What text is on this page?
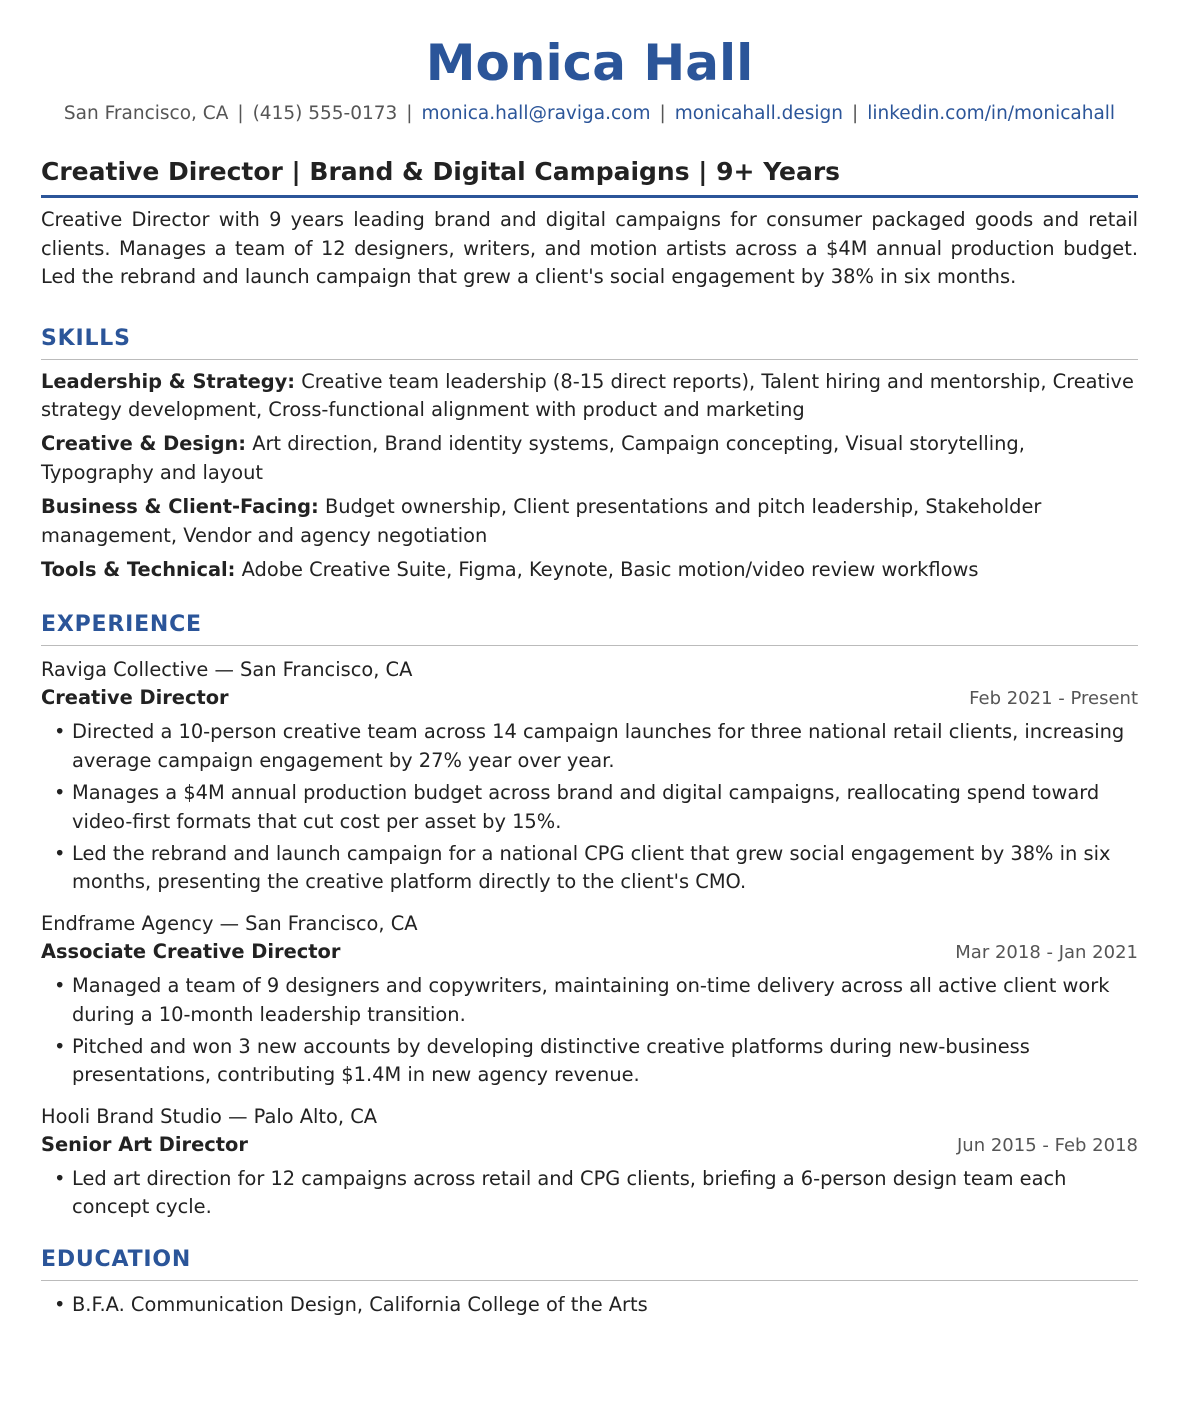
Monica Hall
San Francisco, CA | (415) 555-0173 | monica.hall@raviga.com | monicahall.design | linkedin.com/in/monicahall
Creative Director | Brand & Digital Campaigns | 9+ Years
Creative Director with 9 years leading brand and digital campaigns for consumer packaged goods and retail clients. Manages a team of 12 designers, writers, and motion artists across a $4M annual production budget. Led the rebrand and launch campaign that grew a client's social engagement by 38% in six months.
SKILLS
Leadership & Strategy: Creative team leadership (8-15 direct reports), Talent hiring and mentorship, Creative strategy development, Cross-functional alignment with product and marketing
Creative & Design: Art direction, Brand identity systems, Campaign concepting, Visual storytelling, Typography and layout
Business & Client-Facing: Budget ownership, Client presentations and pitch leadership, Stakeholder management, Vendor and agency negotiation
Tools & Technical: Adobe Creative Suite, Figma, Keynote, Basic motion/video review workflows
EXPERIENCE
Raviga Collective — San Francisco, CA
Creative Director	Feb 2021 - Present
• Directed a 10-person creative team across 14 campaign launches for three national retail clients, increasing average campaign engagement by 27% year over year.
• Manages a $4M annual production budget across brand and digital campaigns, reallocating spend toward video-first formats that cut cost per asset by 15%.
• Led the rebrand and launch campaign for a national CPG client that grew social engagement by 38% in six months, presenting the creative platform directly to the client's CMO.
Endframe Agency — San Francisco, CA
Associate Creative Director	Mar 2018 - Jan 2021
• Managed a team of 9 designers and copywriters, maintaining on-time delivery across all active client work during a 10-month leadership transition.
• Pitched and won 3 new accounts by developing distinctive creative platforms during new-business presentations, contributing $1.4M in new agency revenue.
Hooli Brand Studio — Palo Alto, CA
Senior Art Director	Jun 2015 - Feb 2018
• Led art direction for 12 campaigns across retail and CPG clients, briefing a 6-person design team each concept cycle.
EDUCATION
• B.F.A. Communication Design, California College of the Arts
